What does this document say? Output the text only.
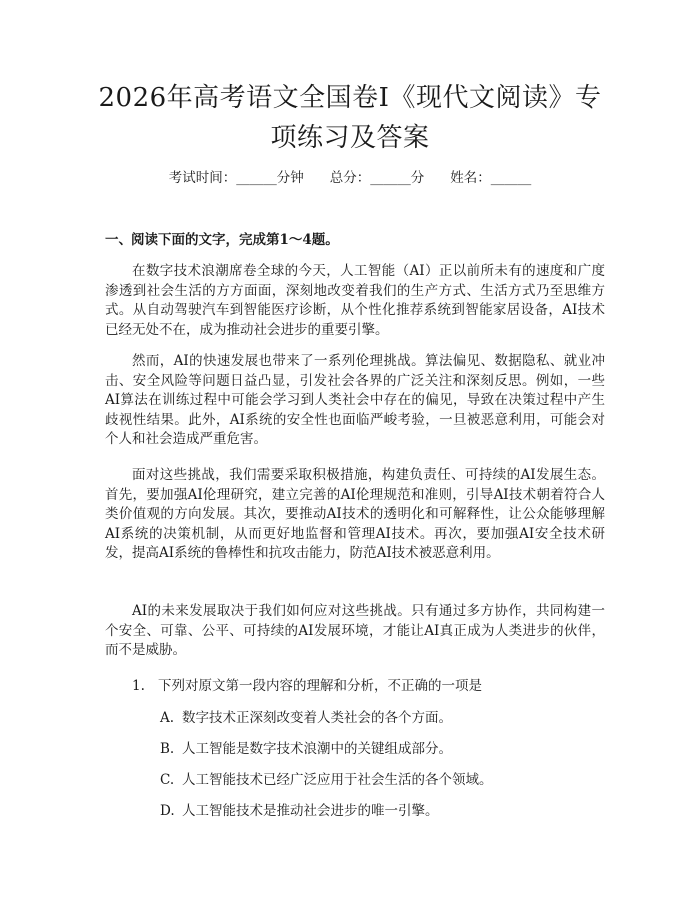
2026年高考语文全国卷Ⅰ《现代文阅读》专项练习及答案
考试时间：______分钟 总分：______分 姓名：______
一、阅读下面的文字，完成第1～4题。

在数字技术浪潮席卷全球的今天，人工智能（AI）正以前所未有的速度和广度渗透到社会生活的方方面面，深刻地改变着我们的生产方式、生活方式乃至思维方式。从自动驾驶汽车到智能医疗诊断，从个性化推荐系统到智能家居设备，AI技术已经无处不在，成为推动社会进步的重要引擎。

然而，AI的快速发展也带来了一系列伦理挑战。算法偏见、数据隐私、就业冲击、安全风险等问题日益凸显，引发社会各界的广泛关注和深刻反思。例如，一些AI算法在训练过程中可能会学习到人类社会中存在的偏见，导致在决策过程中产生歧视性结果。此外，AI系统的安全性也面临严峻考验，一旦被恶意利用，可能会对个人和社会造成严重危害。

面对这些挑战，我们需要采取积极措施，构建负责任、可持续的AI发展生态。首先，要加强AI伦理研究，建立完善的AI伦理规范和准则，引导AI技术朝着符合人类价值观的方向发展。其次，要推动AI技术的透明化和可解释性，让公众能够理解AI系统的决策机制，从而更好地监督和管理AI技术。再次，要加强AI安全技术研发，提高AI系统的鲁棒性和抗攻击能力，防范AI技术被恶意利用。

AI的未来发展取决于我们如何应对这些挑战。只有通过多方协作，共同构建一个安全、可靠、公平、可持续的AI发展环境，才能让AI真正成为人类进步的伙伴，而不是威胁。

1. 下列对原文第一段内容的理解和分析，不正确的一项是

A. 数字技术正深刻改变着人类社会的各个方面。

B. 人工智能是数字技术浪潮中的关键组成部分。

C. 人工智能技术已经广泛应用于社会生活的各个领域。

D. 人工智能技术是推动社会进步的唯一引擎。
